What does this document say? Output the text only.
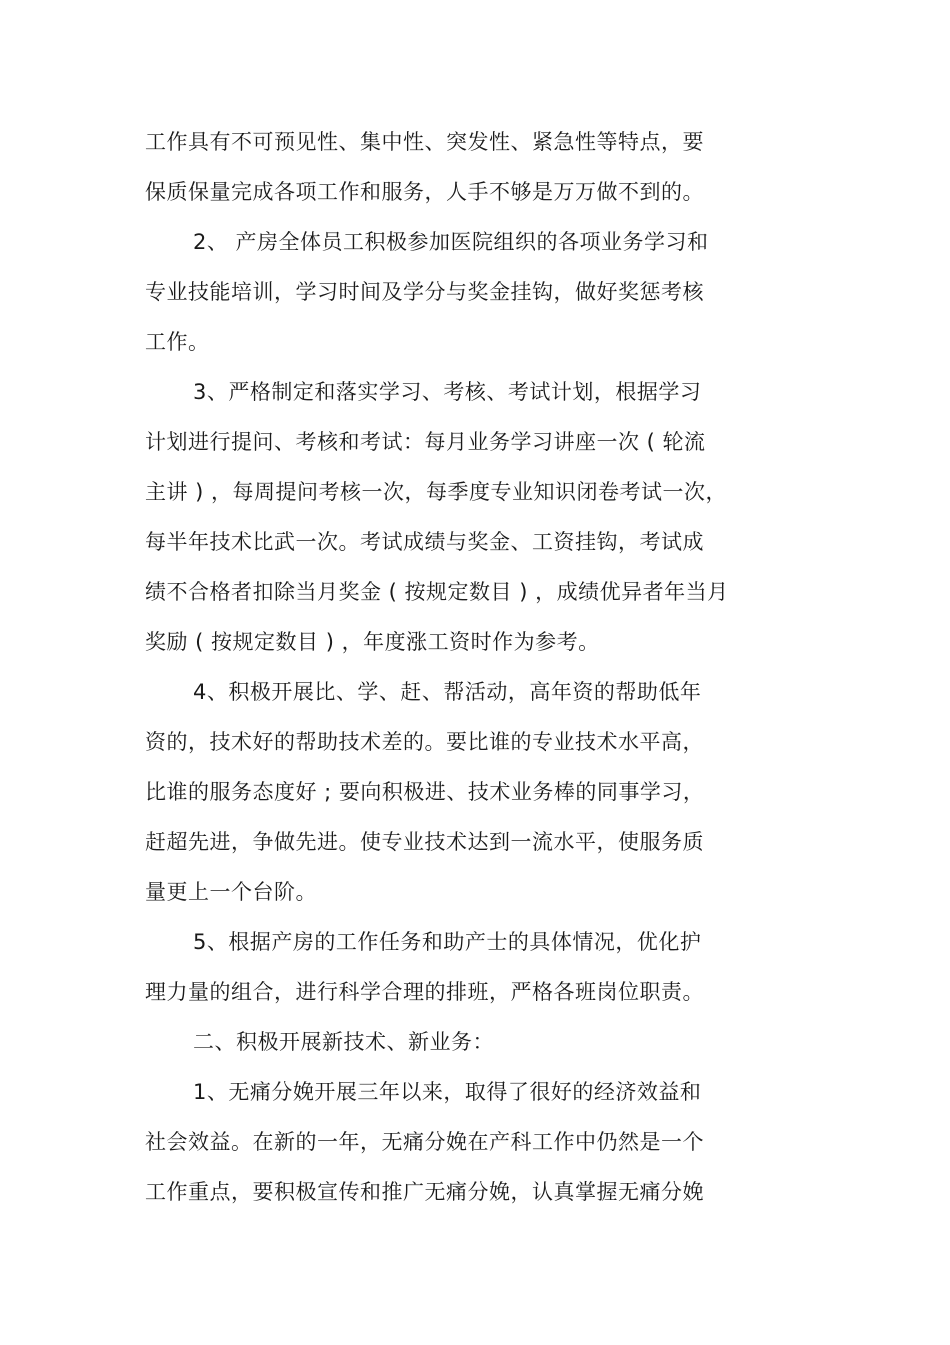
工作具有不可预见性、集中性、突发性、紧急性等特点，要
保质保量完成各项工作和服务，人手不够是万万做不到的。
2、 产房全体员工积极参加医院组织的各项业务学习和
专业技能培训，学习时间及学分与奖金挂钩，做好奖惩考核
工作。
3、严格制定和落实学习、考核、考试计划，根据学习
计划进行提问、考核和考试：每月业务学习讲座一次 ( 轮流
主讲 ) ，每周提问考核一次，每季度专业知识闭卷考试一次，
每半年技术比武一次。考试成绩与奖金、工资挂钩，考试成
绩不合格者扣除当月奖金 ( 按规定数目 ) ，成绩优异者年当月
奖励 ( 按规定数目 ) ，年度涨工资时作为参考。
4、积极开展比、学、赶、帮活动，高年资的帮助低年
资的，技术好的帮助技术差的。要比谁的专业技术水平高，
比谁的服务态度好 ; 要向积极进、技术业务棒的同事学习，
赶超先进，争做先进。使专业技术达到一流水平，使服务质
量更上一个台阶。
5、根据产房的工作任务和助产士的具体情况，优化护
理力量的组合，进行科学合理的排班，严格各班岗位职责。
二、积极开展新技术、新业务：
1、无痛分娩开展三年以来，取得了很好的经济效益和
社会效益。在新的一年，无痛分娩在产科工作中仍然是一个
工作重点，要积极宣传和推广无痛分娩，认真掌握无痛分娩
